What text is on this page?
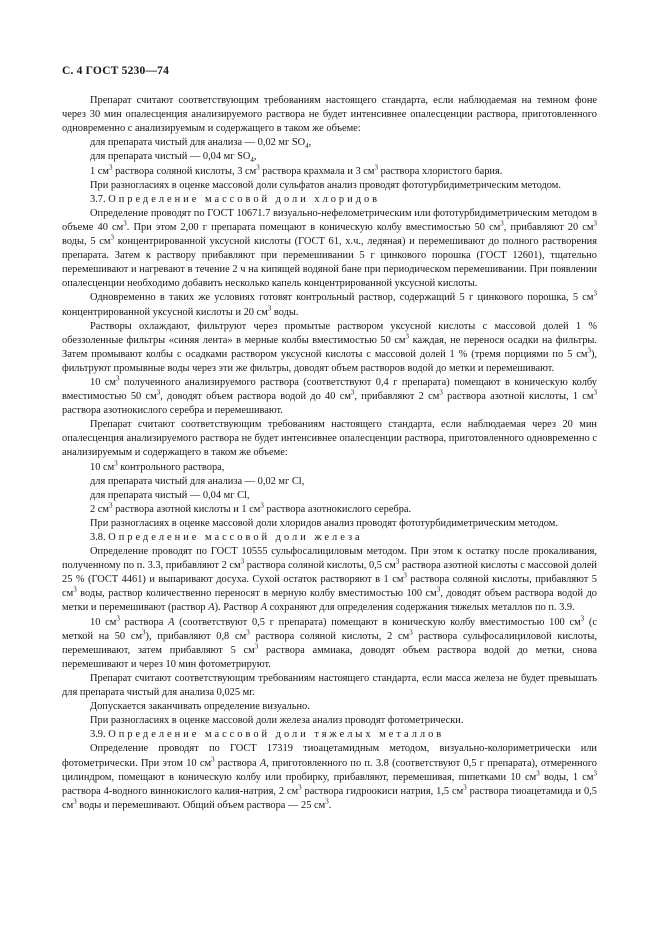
С. 4 ГОСТ 5230—74
Препарат считают соответствующим требованиям настоящего стандарта, если наблюдаемая на темном фоне через 30 мин опалесценция анализируемого раствора не будет интенсивнее опалесценции раствора, приготовленного одновременно с анализируемым и содержащего в таком же объеме:
для препарата чистый для анализа — 0,02 мг $SO_4$,
для препарата чистый — 0,04 мг $SO_4$,
1 $см^3$ раствора соляной кислоты, 3 $см^3$ раствора крахмала и 3 $см^3$ раствора хлористого бария.
При разногласиях в оценке массовой доли сульфатов анализ проводят фототурбидиметрическим методом.
3.7. Определение массовой доли хлоридов
Определение проводят по ГОСТ 10671.7 визуально-нефелометрическим или фототурбидиметрическим методом в объеме 40 $см^3$. При этом 2,00 г препарата помещают в коническую колбу вместимостью 50 $см^3$, прибавляют 20 $см^3$ воды, 5 $см^3$ концентрированной уксусной кислоты (ГОСТ 61, х.ч., ледяная) и перемешивают до полного растворения препарата. Затем к раствору прибавляют при перемешивании 5 г цинкового порошка (ГОСТ 12601), тщательно перемешивают и нагревают в течение 2 ч на кипящей водяной бане при периодическом перемешивании. При появлении опалесценции необходимо добавить несколько капель концентрированной уксусной кислоты.
Одновременно в таких же условиях готовят контрольный раствор, содержащий 5 г цинкового порошка, 5 $см^3$ концентрированной уксусной кислоты и 20 $см^3$ воды.
Растворы охлаждают, фильтруют через промытые раствором уксусной кислоты с массовой долей 1 % обеззоленные фильтры «синяя лента» в мерные колбы вместимостью 50 $см^3$ каждая, не перенося осадки на фильтры. Затем промывают колбы с осадками раствором уксусной кислоты с массовой долей 1 % (тремя порциями по 5 $см^3$), фильтруют промывные воды через эти же фильтры, доводят объем растворов водой до метки и перемешивают.
10 $см^3$ полученного анализируемого раствора (соответствуют 0,4 г препарата) помещают в коническую колбу вместимостью 50 $см^3$, доводят объем раствора водой до 40 $см^3$, прибавляют 2 $см^3$ раствора азотной кислоты, 1 $см^3$ раствора азотнокислого серебра и перемешивают.
Препарат считают соответствующим требованиям настоящего стандарта, если наблюдаемая через 20 мин опалесценция анализируемого раствора не будет интенсивнее опалесценции раствора, приготовленного одновременно с анализируемым и содержащего в таком же объеме:
10 $см^3$ контрольного раствора,
для препарата чистый для анализа — 0,02 мг Cl,
для препарата чистый — 0,04 мг Cl,
2 $см^3$ раствора азотной кислоты и 1 $см^3$ раствора азотнокислого серебра.
При разногласиях в оценке массовой доли хлоридов анализ проводят фототурбидиметрическим методом.
3.8. Определение массовой доли железа
Определение проводят по ГОСТ 10555 сульфосалициловым методом. При этом к остатку после прокаливания, полученному по п. 3.3, прибавляют 2 $см^3$ раствора соляной кислоты, 0,5 $см^3$ раствора азотной кислоты с массовой долей 25 % (ГОСТ 4461) и выпаривают досуха. Сухой остаток растворяют в 1 $см^3$ раствора соляной кислоты, прибавляют 5 $см^3$ воды, раствор количественно переносят в мерную колбу вместимостью 100 $см^3$, доводят объем раствора водой до метки и перемешивают (раствор А). Раствор А сохраняют для определения содержания тяжелых металлов по п. 3.9.
10 $см^3$ раствора А (соответствуют 0,5 г препарата) помещают в коническую колбу вместимостью 100 $см^3$ (с меткой на 50 $см^3$), прибавляют 0,8 $см^3$ раствора соляной кислоты, 2 $см^3$ раствора сульфосалициловой кислоты, перемешивают, затем прибавляют 5 $см^3$ раствора аммиака, доводят объем раствора водой до метки, снова перемешивают и через 10 мин фотометрируют.
Препарат считают соответствующим требованиям настоящего стандарта, если масса железа не будет превышать для препарата чистый для анализа 0,025 мг.
Допускается заканчивать определение визуально.
При разногласиях в оценке массовой доли железа анализ проводят фотометрически.
3.9. Определение массовой доли тяжелых металлов
Определение проводят по ГОСТ 17319 тиоацетамидным методом, визуально-колориметрически или фотометрически. При этом 10 $см^3$ раствора А, приготовленного по п. 3.8 (соответствуют 0,5 г препарата), отмеренного цилиндром, помещают в коническую колбу или пробирку, прибавляют, перемешивая, пипетками 10 $см^3$ воды, 1 $см^3$ раствора 4-водного виннокислого калия-натрия, 2 $см^3$ раствора гидроокиси натрия, 1,5 $см^3$ раствора тиоацетамида и 0,5 $см^3$ воды и перемешивают. Общий объем раствора — 25 $см^3$.
